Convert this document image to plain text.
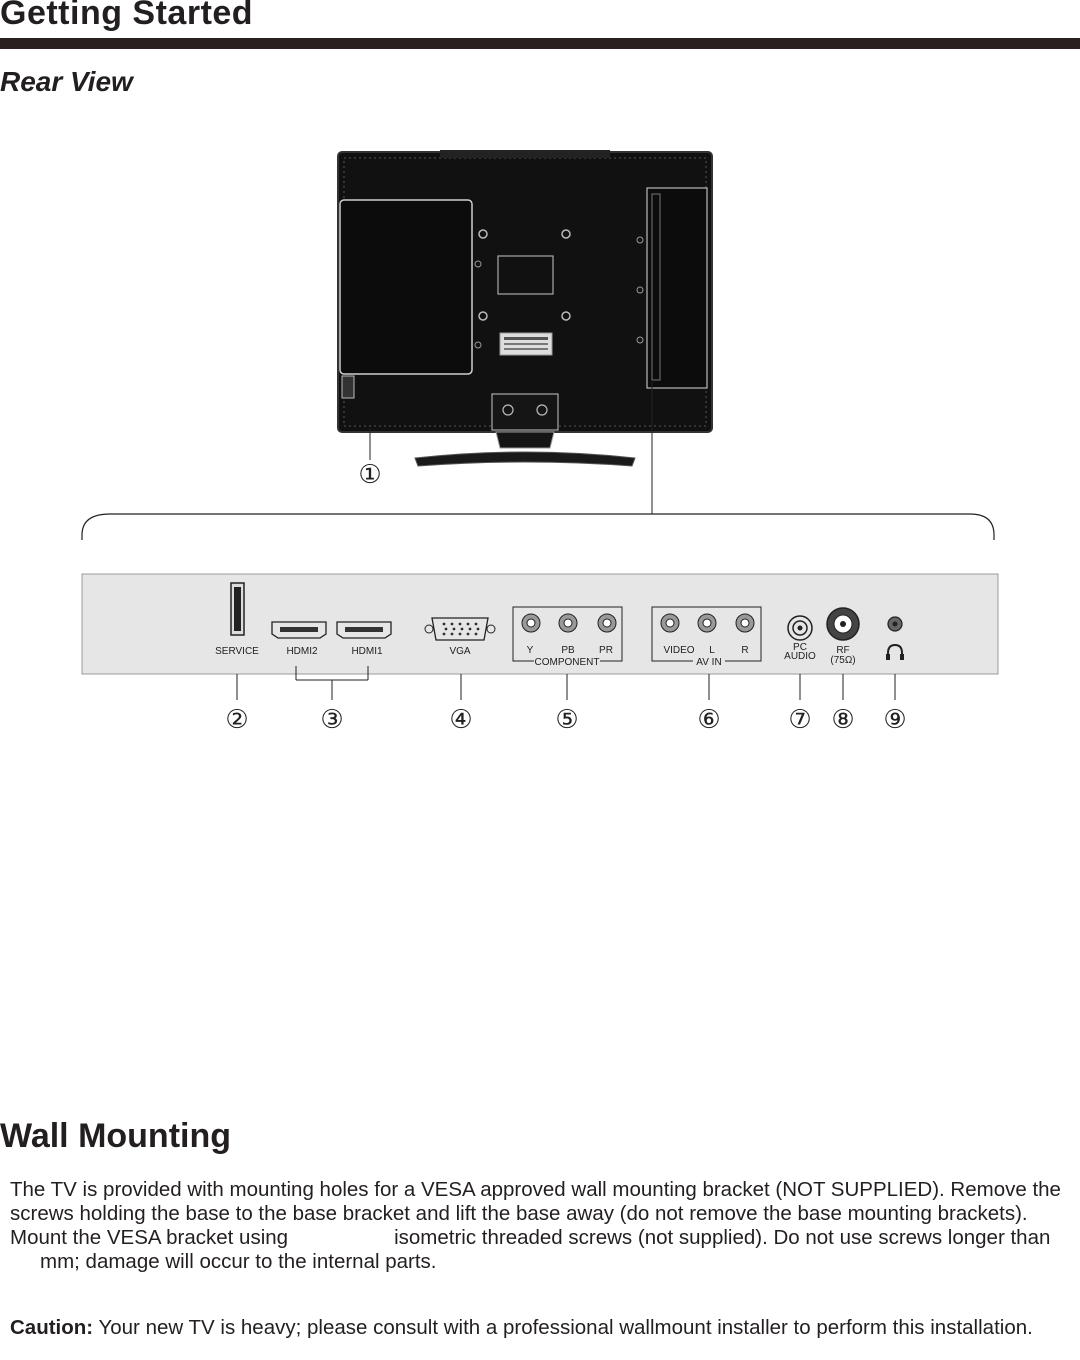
Getting Started
Rear View
①
SERVICE	HDMI2	HDMI1	VGA	Y	PB PR
COMPONENT
VIDEO L	R
AV IN
PC
AUDIO
RF
(75Ω)
②	③	④	⑤	⑥	⑦ ⑧ ⑨
Wall Mounting

The TV is provided with mounting holes for a VESA approved wall mounting bracket (NOT SUPPLIED). Remove the screws holding the base to the base bracket and lift the base away (do not remove the base mounting brackets). Mount the VESA bracket using	isometric threaded screws (not supplied). Do not use screws longer thanmm; damage will occur to the internal parts.

Caution: Your new TV is heavy; please consult with a professional wallmount installer to perform this installation.
